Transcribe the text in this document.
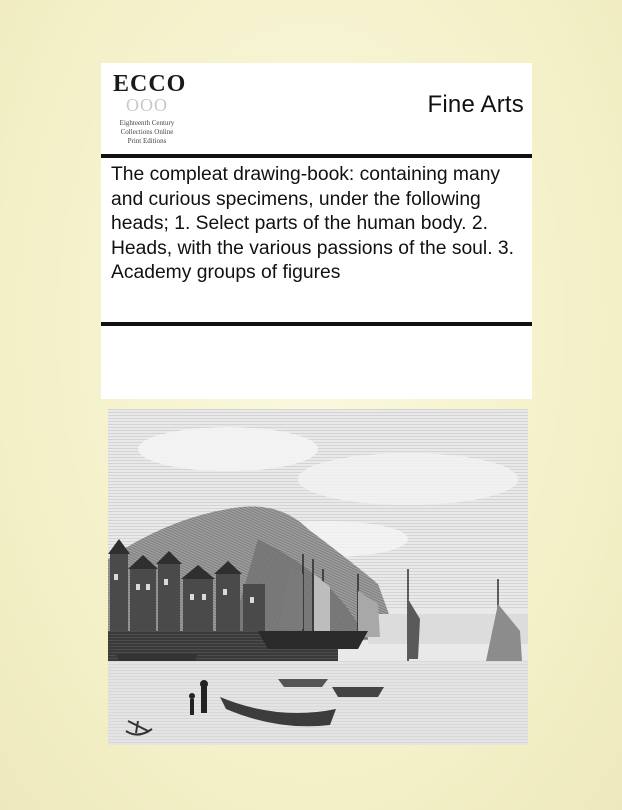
ECCO
OOO
Eighteenth Century
Collections Online
Print Editions
Fine Arts
The compleat drawing-book: containing many and curious specimens, under the following heads; 1. Select parts of the human body. 2. Heads, with the various passions of the soul. 3. Academy groups of figures
